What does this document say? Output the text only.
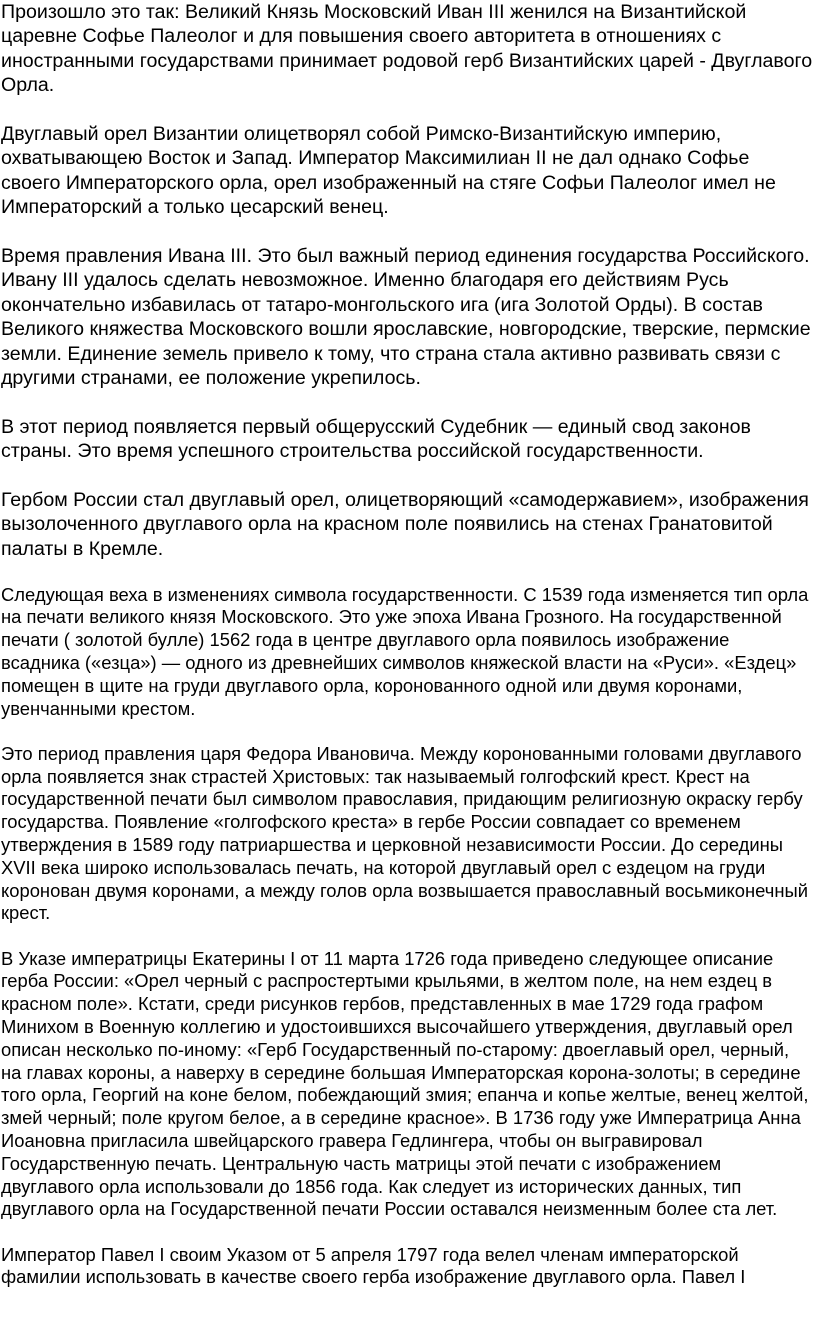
Произошло это так: Великий Князь Московский Иван III женился на Византийской царевне Софье Палеолог и для повышения своего авторитета в отношениях с иностранными государствами принимает родовой герб Византийских царей - Двуглавого Орла.

Двуглавый орел Византии олицетворял собой Римско-Византийскую империю, охватывающею Восток и Запад. Император Максимилиан II не дал однако Софье своего Императорского орла, орел изображенный на стяге Софьи Палеолог имел не Императорский а только цесарский венец.

Время правления Ивана III. Это был важный период единения государства Российского. Ивану III удалось сделать невозможное. Именно благодаря его действиям Русь окончательно избавилась от татаро-монгольского ига (ига Золотой Орды). В состав Великого княжества Московского вошли ярославские, новгородские, тверские, пермские земли. Единение земель привело к тому, что страна стала активно развивать связи с другими странами, ее положение укрепилось.

В этот период появляется первый общерусский Судебник — единый свод законов страны. Это время успешного строительства российской государственности.

Гербом России стал двуглавый орел, олицетворяющий «самодержавием», изображения вызолоченного двуглавого орла на красном поле появились на стенах Гранатовитой палаты в Кремле.

Следующая веха в изменениях символа государственности. С 1539 года изменяется тип орла на печати великого князя Московского. Это уже эпоха Ивана Грозного. На государственной печати ( золотой булле) 1562 года в центре двуглавого орла появилось изображение всадника («езца») — одного из древнейших символов княжеской власти на «Руси». «Ездец» помещен в щите на груди двуглавого орла, коронованного одной или двумя коронами, увенчанными крестом.

Это период правления царя Федора Ивановича. Между коронованными головами двуглавого орла появляется знак страстей Христовых: так называемый голгофский крест. Крест на государственной печати был символом православия, придающим религиозную окраску гербу государства. Появление «голгофского креста» в гербе России совпадает со временем утверждения в 1589 году патриаршества и церковной независимости России. До середины XVII века широко использовалась печать, на которой двуглавый орел с ездецом на груди коронован двумя коронами, а между голов орла возвышается православный восьмиконечный крест.

В Указе императрицы Екатерины I от 11 марта 1726 года приведено следующее описание герба России: «Орел черный с распростертыми крыльями, в желтом поле, на нем ездец в красном поле». Кстати, среди рисунков гербов, представленных в мае 1729 года графом Минихом в Военную коллегию и удостоившихся высочайшего утверждения, двуглавый орел описан несколько по-иному: «Герб Государственный по-старому: двоеглавый орел, черный, на главах короны, а наверху в середине большая Императорская корона-золоты; в середине того орла, Георгий на коне белом, побеждающий змия; епанча и копье желтые, венец желтой, змей черный; поле кругом белое, а в середине красное». В 1736 году уже Императрица Анна Иоановна пригласила швейцарского гравера Гедлингера, чтобы он выгравировал Государственную печать. Центральную часть матрицы этой печати с изображением двуглавого орла использовали до 1856 года. Как следует из исторических данных, тип двуглавого орла на Государственной печати России оставался неизменным более ста лет.

Император Павел I своим Указом от 5 апреля 1797 года велел членам императорской фамилии использовать в качестве своего герба изображение двуглавого орла. Павел I
